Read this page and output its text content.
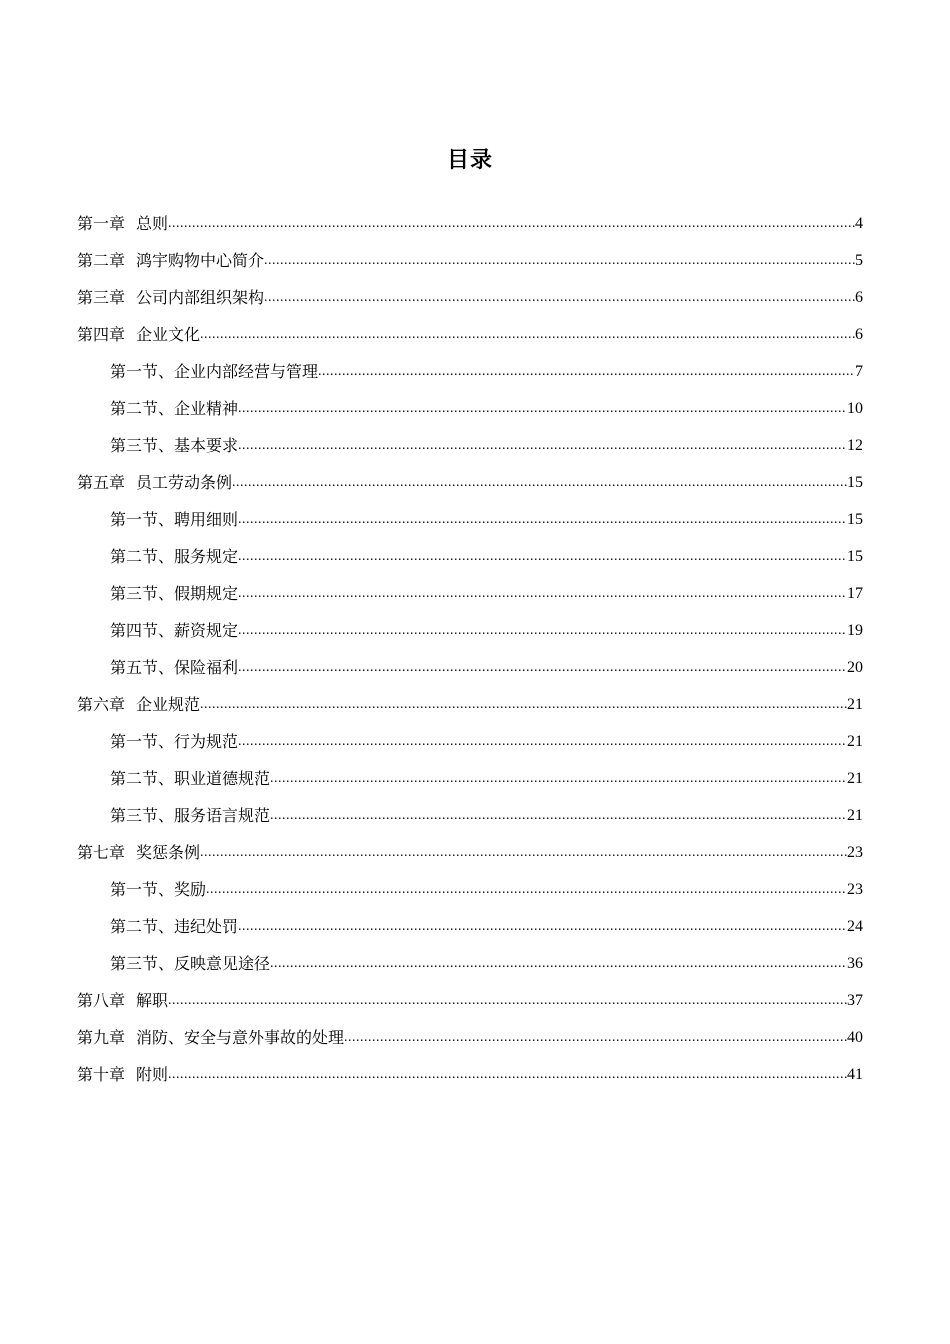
目录
第一章 总则 .....	4
第二章 鸿宇购物中心简介 .....	5
第三章 公司内部组织架构 .....	6
第四章 企业文化 .....	6
第一节、企业内部经营与管理 .....	7
第二节、企业精神 .....	10
第三节、基本要求 .....	12
第五章 员工劳动条例 .....	15
第一节、聘用细则 .....	15
第二节、服务规定 .....	15
第三节、假期规定 .....	17
第四节、薪资规定 .....	19
第五节、保险福利 .....	20
第六章 企业规范 .....	21
第一节、行为规范 .....	21
第二节、职业道德规范 .....	21
第三节、服务语言规范 .....	21
第七章 奖惩条例 .....	23
第一节、奖励 .....	23
第二节、违纪处罚 .....	24
第三节、反映意见途径 .....	36
第八章 解职 .....	37
第九章 消防、安全与意外事故的处理 .....	40
第十章 附则 .....	41
